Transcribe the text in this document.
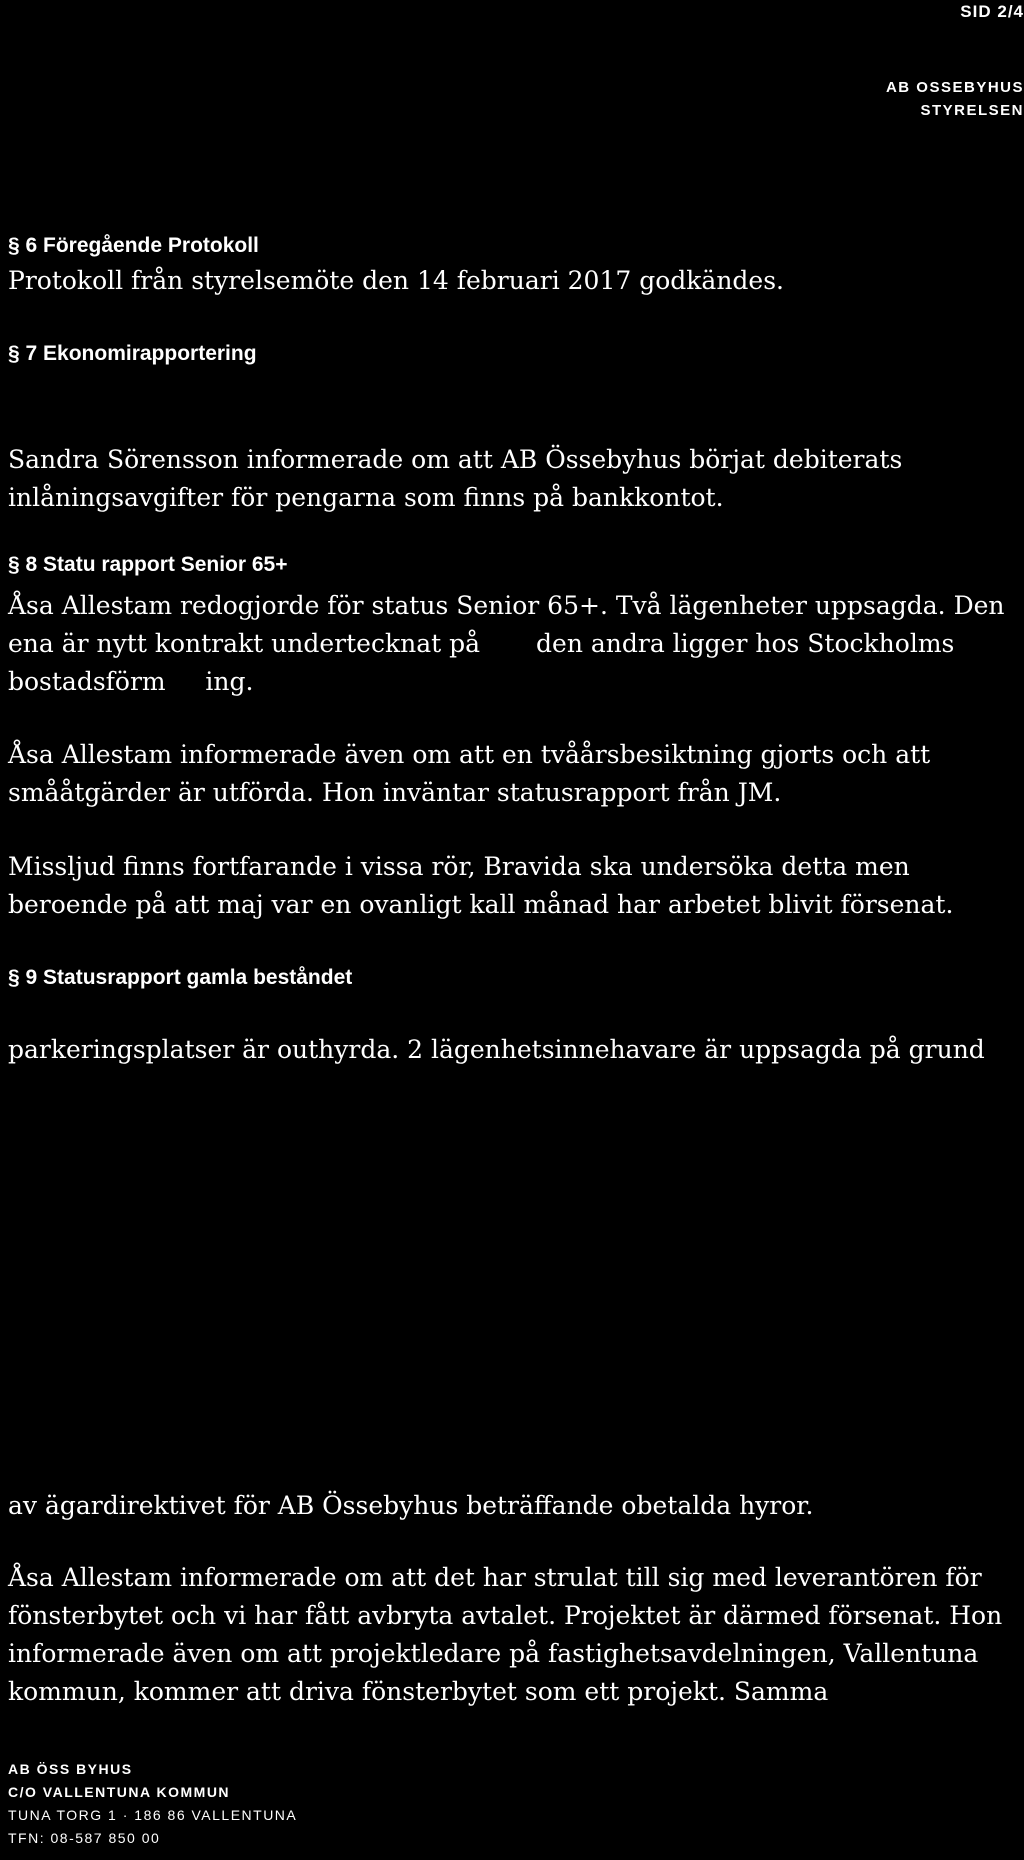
SID 2/4
AB OSSEBYHUS
STYRELSEN
§ 6 Föregående Protokoll
Protokoll från styrelsemöte den 14 februari 2017 godkändes.
§ 7 Ekonomirapportering
Sandra Sörensson informerade om att AB Össebyhus börjat debiterats
inlåningsavgifter för pengarna som finns på bankkontot.
§ 8 Statu rapport Senior 65+
Åsa Allestam redogjorde för status Senior 65+. Två lägenheter uppsagda. Den
ena är nytt kontrakt undertecknat på den andra ligger hos Stockholms
bostadsförm     ing.
Åsa Allestam informerade även om att en tvåårsbesiktning gjorts och att
smååtgärder är utförda. Hon inväntar statusrapport från JM.
Missljud finns fortfarande i vissa rör, Bravida ska undersöka detta men
beroende på att maj var en ovanligt kall månad har arbetet blivit försenat.
§ 9 Statusrapport gamla beståndet
parkeringsplatser är outhyrda. 2 lägenhetsinnehavare är uppsagda på grund
av ägardirektivet för AB Össebyhus beträffande obetalda hyror.
Åsa Allestam informerade om att det har strulat till sig med leverantören för
fönsterbytet och vi har fått avbryta avtalet. Projektet är därmed försenat. Hon
informerade även om att projektledare på fastighetsavdelningen, Vallentuna
kommun, kommer att driva fönsterbytet som ett projekt. Samma
AB ÖSS BYHUS
C/O VALLENTUNA KOMMUN
TUNA TORG 1 · 186 86 VALLENTUNA
TFN: 08-587 850 00
